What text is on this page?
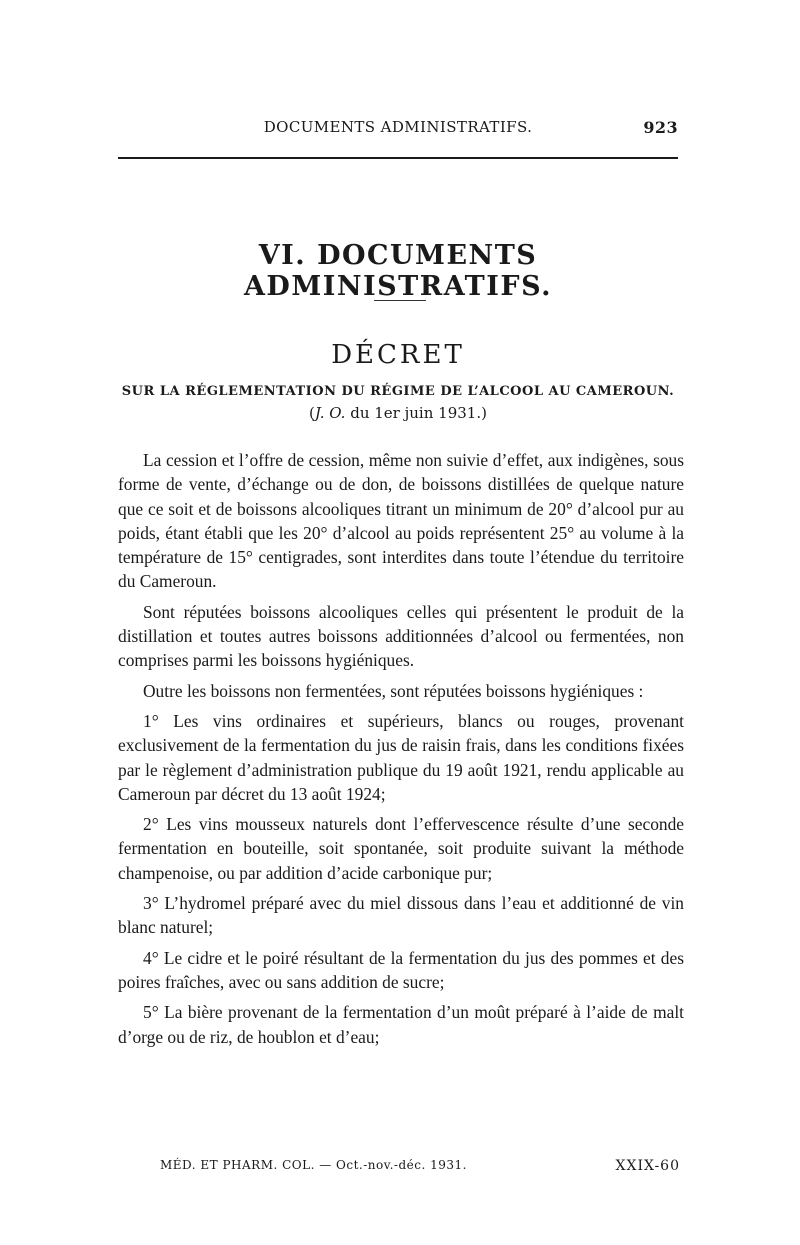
DOCUMENTS ADMINISTRATIFS.	923
VI. DOCUMENTS ADMINISTRATIFS.
DÉCRET
SUR LA RÉGLEMENTATION DU RÉGIME DE L’ALCOOL AU CAMEROUN.
(J. O. du 1er juin 1931.)

La cession et l’offre de cession, même non suivie d’effet, aux indigènes, sous forme de vente, d’échange ou de don, de boissons distillées de quelque nature que ce soit et de boissons alcooliques titrant un minimum de 20° d’alcool pur au poids, étant établi que les 20° d’alcool au poids représentent 25° au volume à la température de 15° centigrades, sont interdites dans toute l’étendue du territoire du Cameroun.

Sont réputées boissons alcooliques celles qui présentent le produit de la distillation et toutes autres boissons additionnées d’alcool ou fermentées, non comprises parmi les boissons hygiéniques.

Outre les boissons non fermentées, sont réputées boissons hygiéniques :

1° Les vins ordinaires et supérieurs, blancs ou rouges, provenant exclusivement de la fermentation du jus de raisin frais, dans les conditions fixées par le règlement d’administration publique du 19 août 1921, rendu applicable au Cameroun par décret du 13 août 1924;

2° Les vins mousseux naturels dont l’effervescence résulte d’une seconde fermentation en bouteille, soit spontanée, soit produite suivant la méthode champenoise, ou par addition d’acide carbonique pur;

3° L’hydromel préparé avec du miel dissous dans l’eau et additionné de vin blanc naturel;

4° Le cidre et le poiré résultant de la fermentation du jus des pommes et des poires fraîches, avec ou sans addition de sucre;

5° La bière provenant de la fermentation d’un moût préparé à l’aide de malt d’orge ou de riz, de houblon et d’eau;

MÉD. ET PHARM. COL. — Oct.-nov.-déc. 1931.	XXIX-60
